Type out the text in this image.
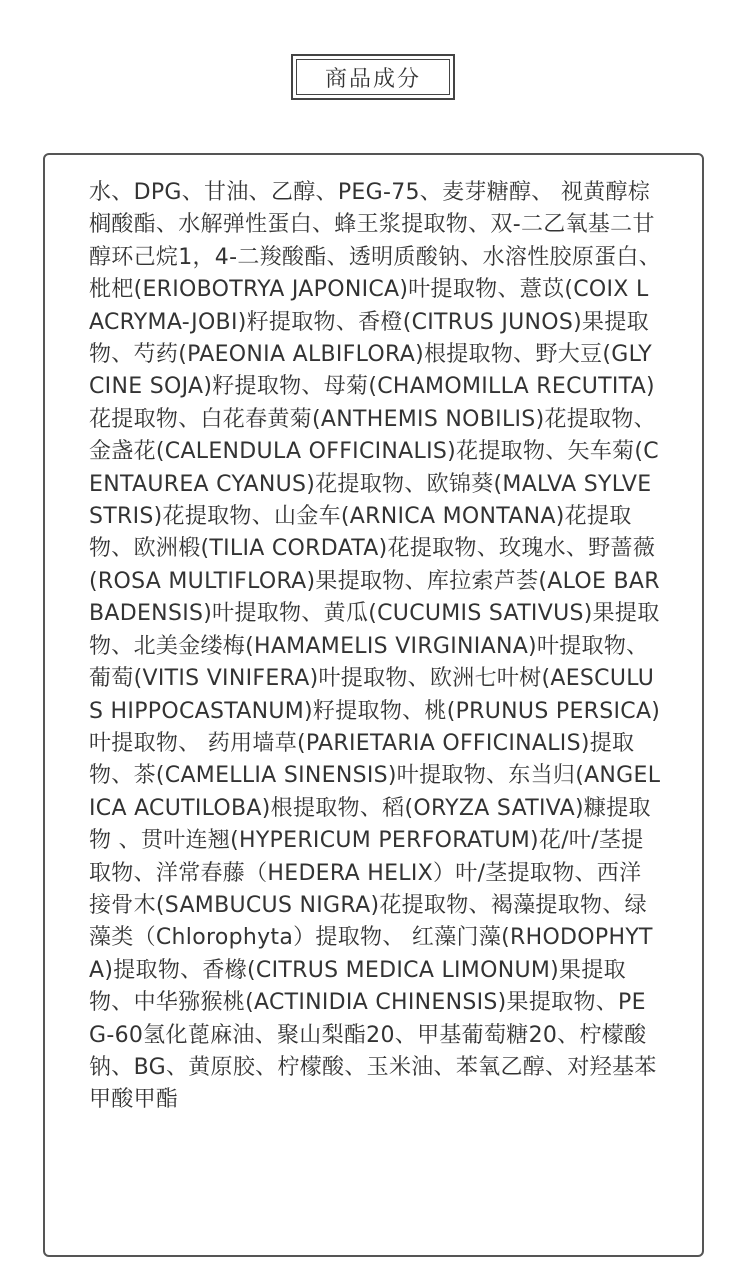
商品成分

水、DPG、甘油、乙醇、PEG-75、麦芽糖醇、 视黄醇棕榈酸酯、水解弹性蛋白、蜂王浆提取物、双-二乙氧基二甘醇环己烷1，4-二羧酸酯、透明质酸钠、水溶性胶原蛋白、枇杷(ERIOBOTRYA JAPONICA)叶提取物、薏苡(COIX LACRYMA-JOBI)籽提取物、香橙(CITRUS JUNOS)果提取物、芍药(PAEONIA ALBIFLORA)根提取物、野大豆(GLYCINE SOJA)籽提取物、母菊(CHAMOMILLA RECUTITA)花提取物、白花春黄菊(ANTHEMIS NOBILIS)花提取物、金盏花(CALENDULA OFFICINALIS)花提取物、矢车菊(CENTAUREA CYANUS)花提取物、欧锦葵(MALVA SYLVESTRIS)花提取物、山金车(ARNICA MONTANA)花提取物、欧洲椴(TILIA CORDATA)花提取物、玫瑰水、野蔷薇(ROSA MULTIFLORA)果提取物、库拉索芦荟(ALOE BARBADENSIS)叶提取物、黄瓜(CUCUMIS SATIVUS)果提取物、北美金缕梅(HAMAMELIS VIRGINIANA)叶提取物、葡萄(VITIS VINIFERA)叶提取物、欧洲七叶树(AESCULUS HIPPOCASTANUM)籽提取物、桃(PRUNUS PERSICA)叶提取物、 药用墙草(PARIETARIA OFFICINALIS)提取物、茶(CAMELLIA SINENSIS)叶提取物、东当归(ANGELICA ACUTILOBA)根提取物、稻(ORYZA SATIVA)糠提取物 、贯叶连翘(HYPERICUM PERFORATUM)花/叶/茎提取物、洋常春藤（HEDERA HELIX）叶/茎提取物、西洋接骨木(SAMBUCUS NIGRA)花提取物、褐藻提取物、绿藻类（Chlorophyta）提取物、 红藻门藻(RHODOPHYTA)提取物、香橼(CITRUS MEDICA LIMONUM)果提取物、中华猕猴桃(ACTINIDIA CHINENSIS)果提取物、PEG-60氢化蓖麻油、聚山梨酯20、甲基葡萄糖20、柠檬酸钠、BG、黄原胶、柠檬酸、玉米油、苯氧乙醇、对羟基苯甲酸甲酯
